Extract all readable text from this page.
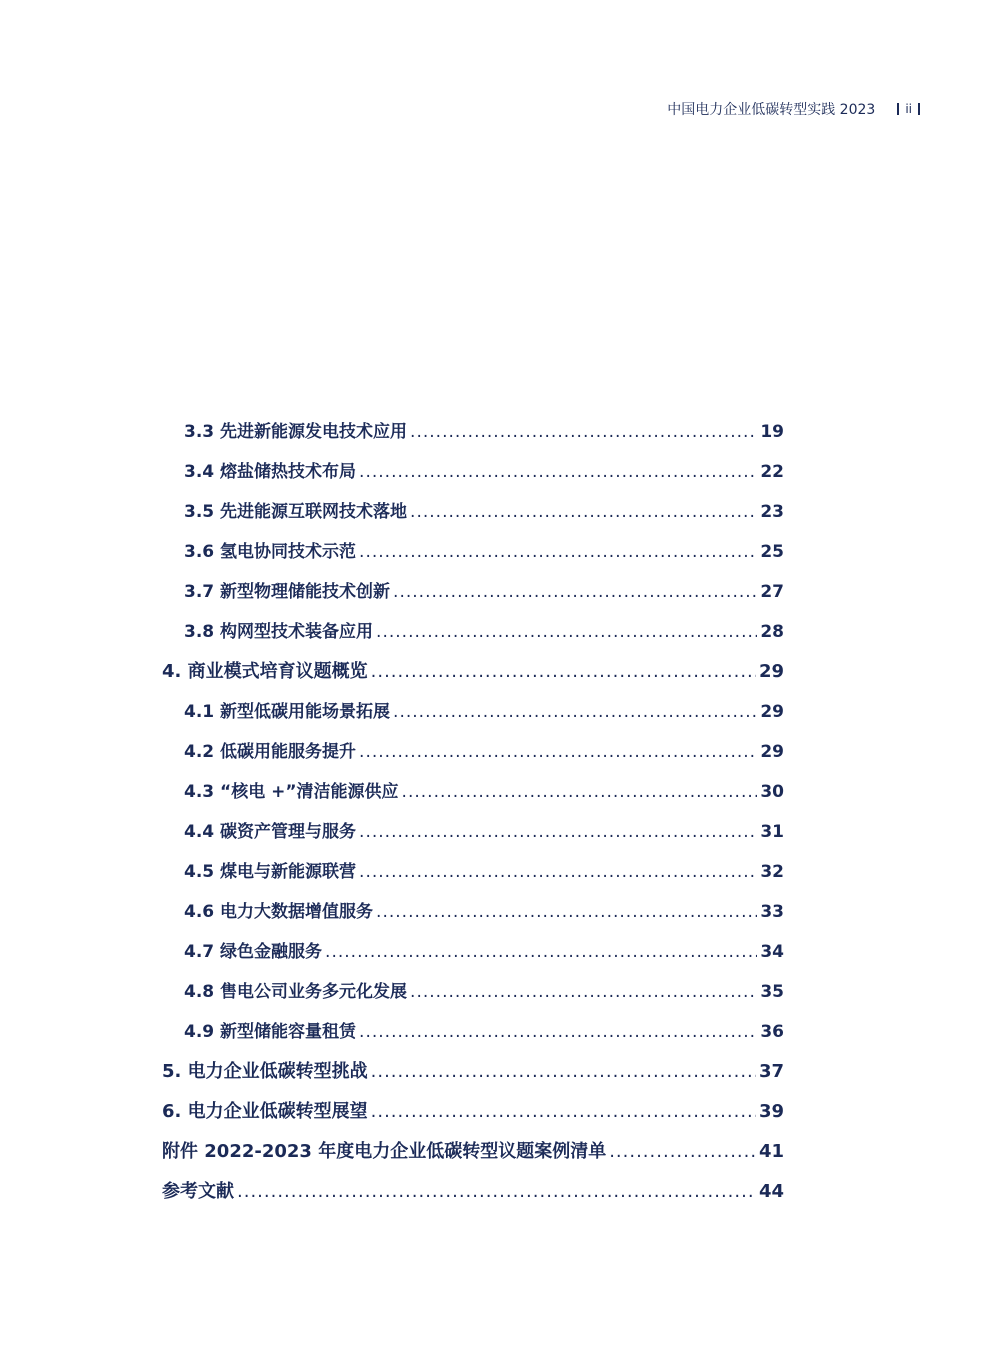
中国电力企业低碳转型实践 2023	ii
3.3 先进新能源发电技术应用 .....	19
3.4 熔盐储热技术布局 .....	22
3.5 先进能源互联网技术落地 .....	23
3.6 氢电协同技术示范 .....	25
3.7 新型物理储能技术创新 .....	27
3.8 构网型技术装备应用 .....	28
4. 商业模式培育议题概览 .....	29
4.1 新型低碳用能场景拓展 .....	29
4.2 低碳用能服务提升 .....	29
4.3 “核电 +”清洁能源供应 .....	30
4.4 碳资产管理与服务 .....	31
4.5 煤电与新能源联营 .....	32
4.6 电力大数据增值服务 .....	33
4.7 绿色金融服务 .....	34
4.8 售电公司业务多元化发展 .....	35
4.9 新型储能容量租赁 .....	36
5. 电力企业低碳转型挑战 .....	37
6. 电力企业低碳转型展望 .....	39
附件 2022-2023 年度电力企业低碳转型议题案例清单 .....	41
参考文献 .....	44
